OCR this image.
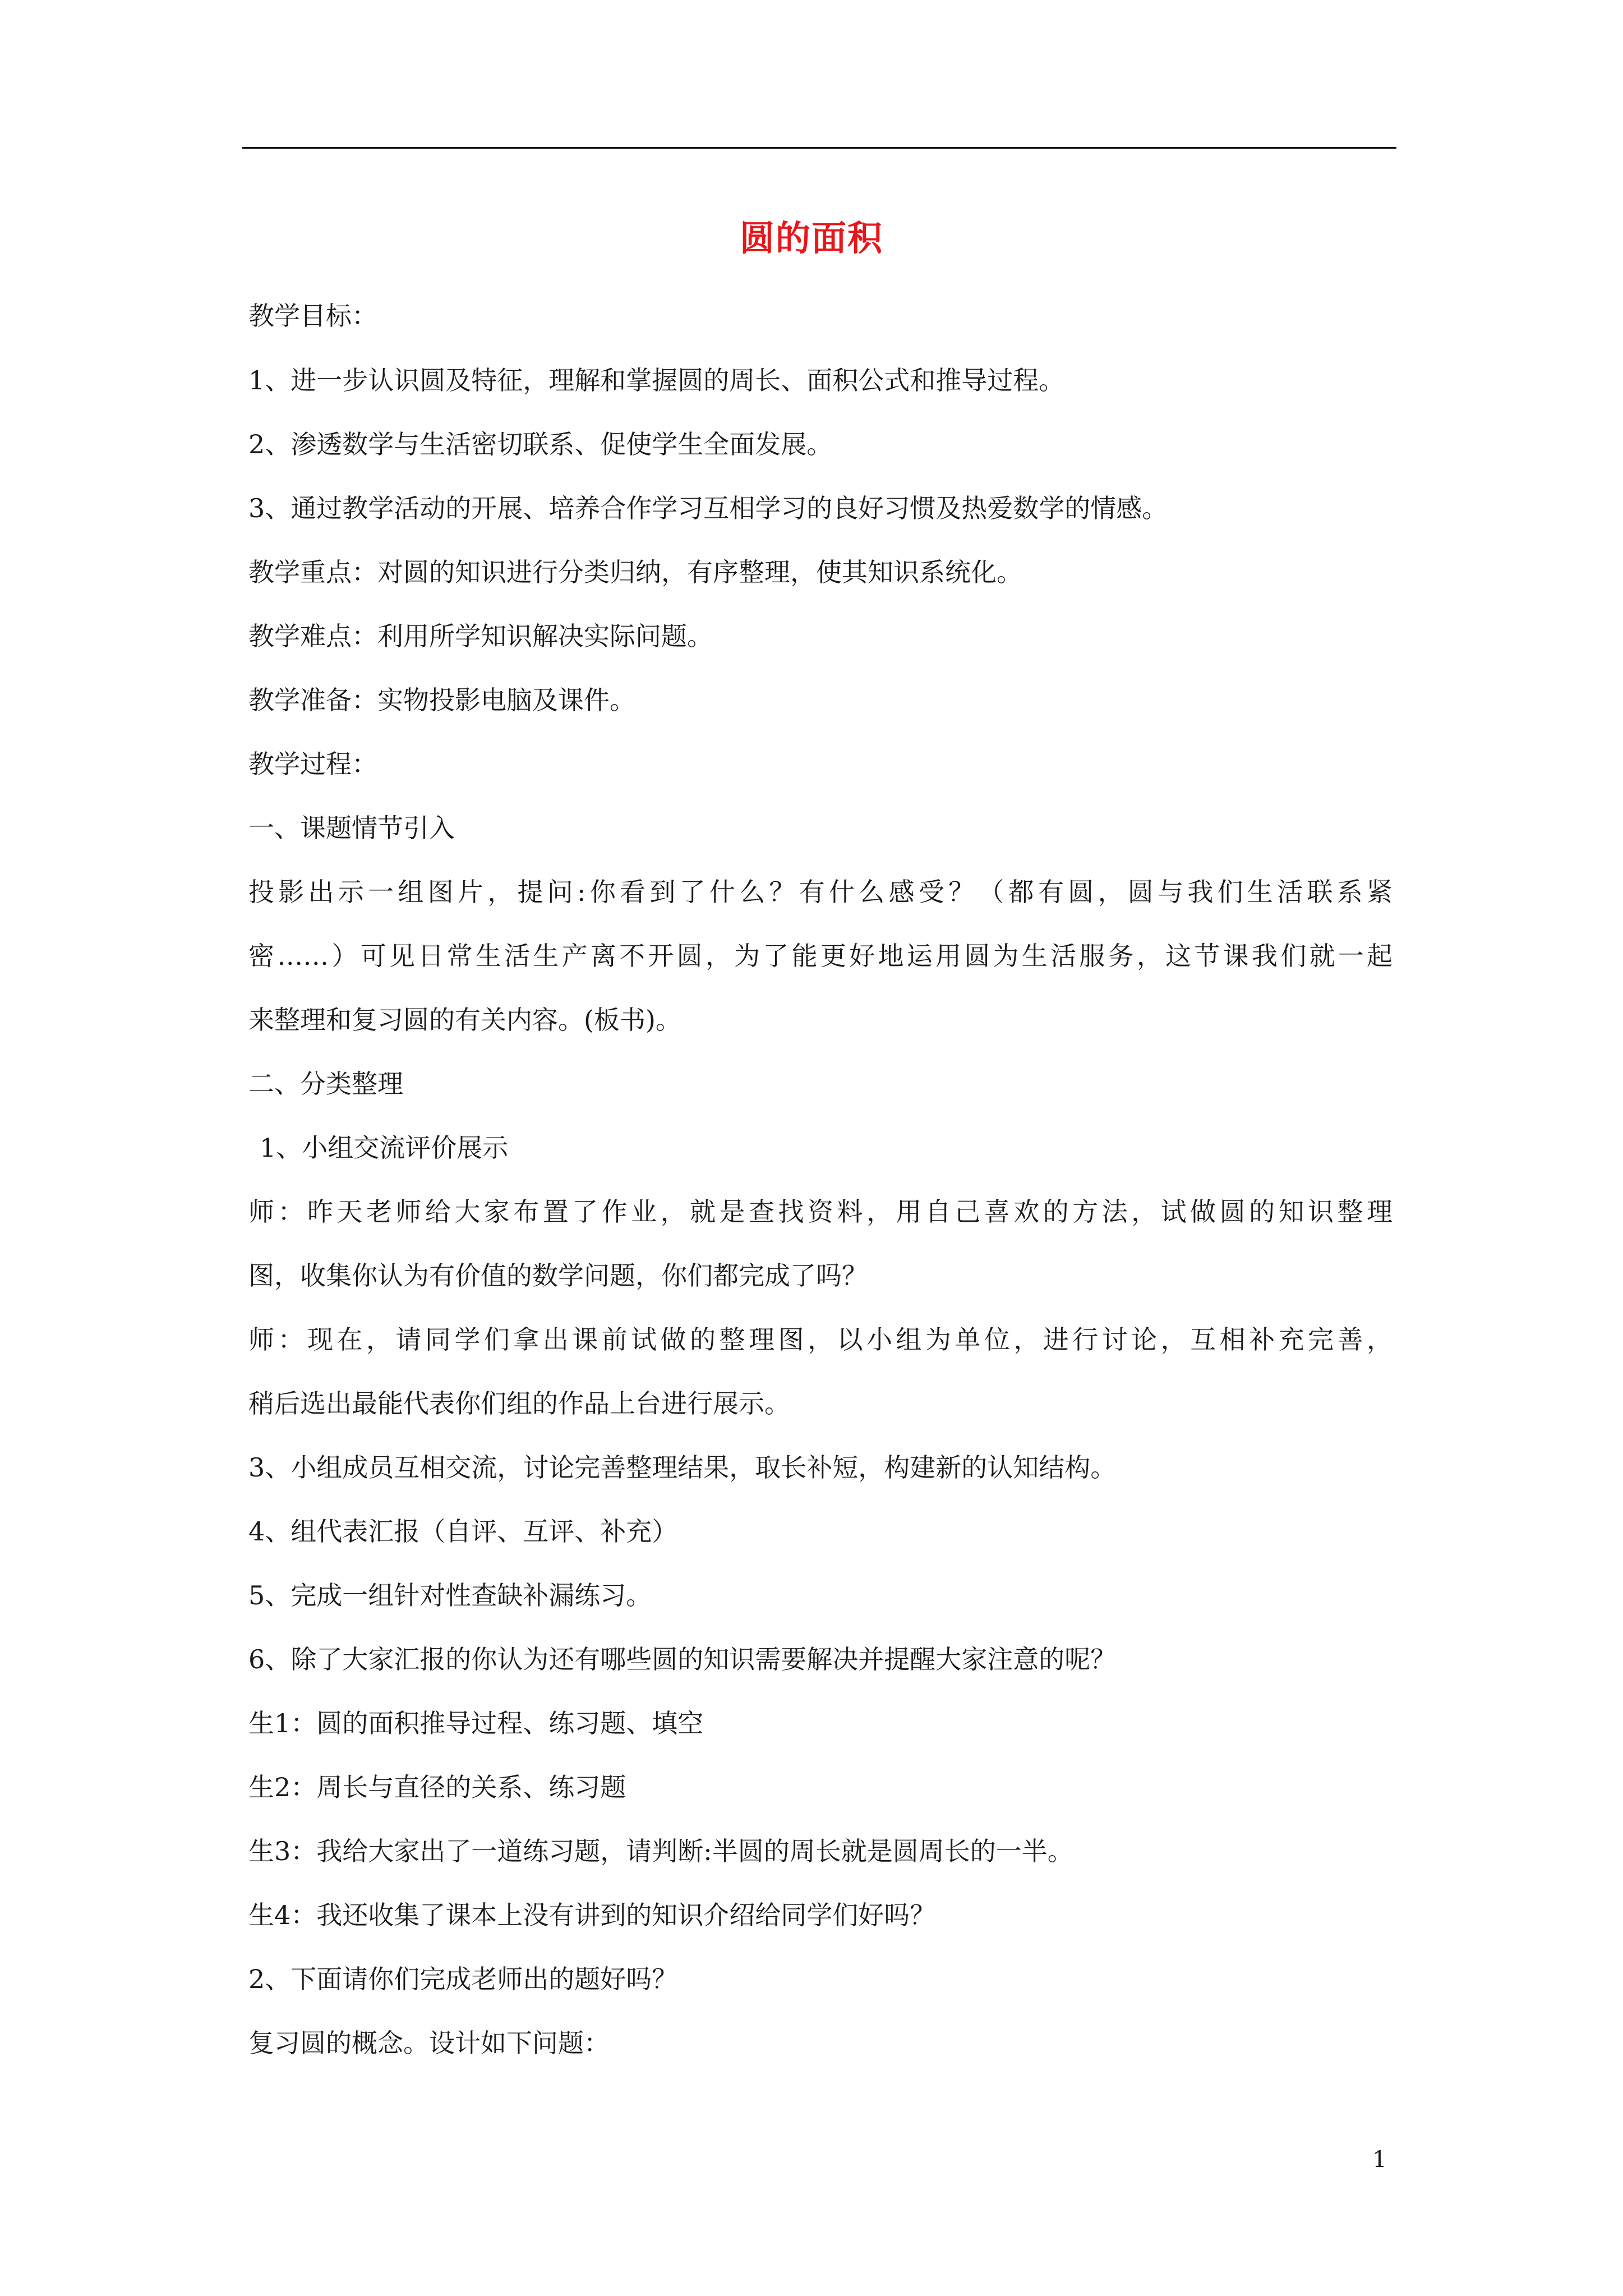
圆的面积
教学目标：
1、进一步认识圆及特征，理解和掌握圆的周长、面积公式和推导过程。
2、渗透数学与生活密切联系、促使学生全面发展。
3、通过教学活动的开展、培养合作学习互相学习的良好习惯及热爱数学的情感。
教学重点：对圆的知识进行分类归纳，有序整理，使其知识系统化。
教学难点：利用所学知识解决实际问题。
教学准备：实物投影电脑及课件。
教学过程：
一、课题情节引入
投影出示一组图片，提问:你看到了什么？有什么感受？（都有圆，圆与我们生活联系紧
密……）可见日常生活生产离不开圆，为了能更好地运用圆为生活服务，这节课我们就一起
来整理和复习圆的有关内容。(板书)。
二、分类整理
1、小组交流评价展示
师：昨天老师给大家布置了作业，就是查找资料，用自己喜欢的方法，试做圆的知识整理
图，收集你认为有价值的数学问题，你们都完成了吗？
师：现在，请同学们拿出课前试做的整理图，以小组为单位，进行讨论，互相补充完善，
稍后选出最能代表你们组的作品上台进行展示。
3、小组成员互相交流，讨论完善整理结果，取长补短，构建新的认知结构。
4、组代表汇报（自评、互评、补充）
5、完成一组针对性查缺补漏练习。
6、除了大家汇报的你认为还有哪些圆的知识需要解决并提醒大家注意的呢？
生1：圆的面积推导过程、练习题、填空
生2：周长与直径的关系、练习题
生3：我给大家出了一道练习题，请判断:半圆的周长就是圆周长的一半。
生4：我还收集了课本上没有讲到的知识介绍给同学们好吗？
2、下面请你们完成老师出的题好吗？
复习圆的概念。设计如下问题：
1
